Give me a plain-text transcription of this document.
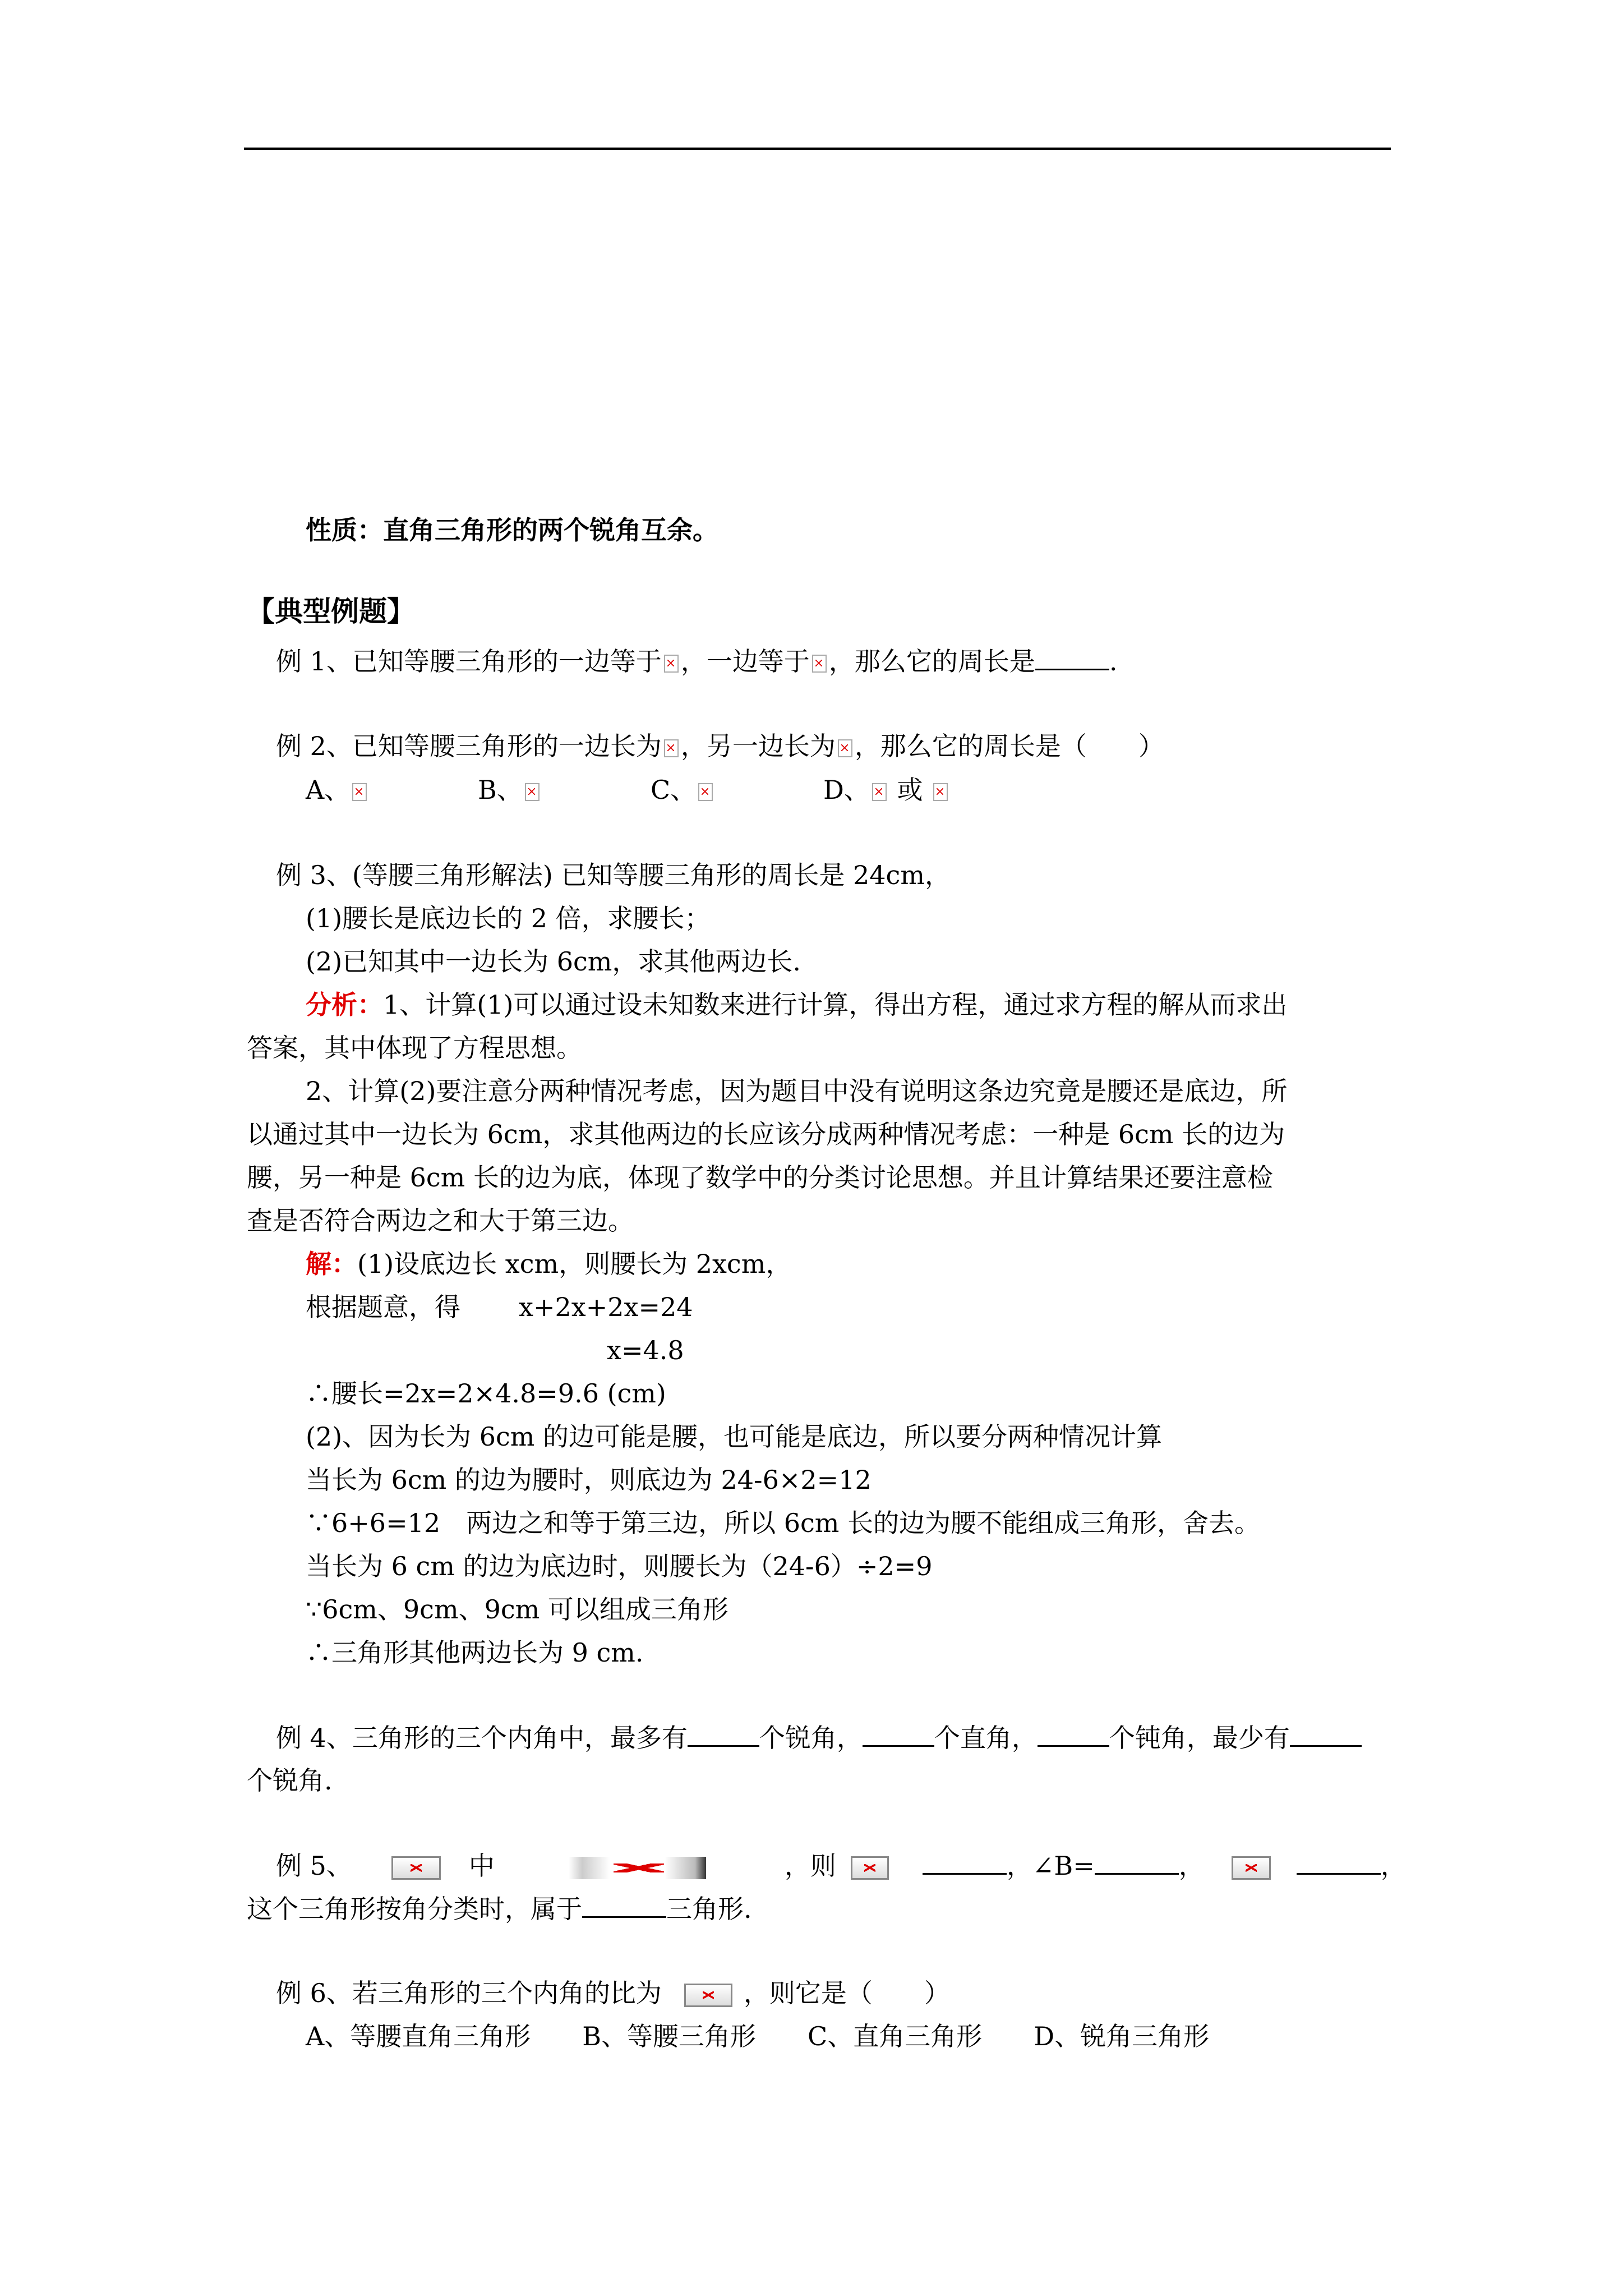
性质：直角三角形的两个锐角互余。
【典型例题】
例 1、已知等腰三角形的一边等于 ，一边等于 ，那么它的周长是	.
例 2、已知等腰三角形的一边长为 ，另一边长为 ，那么它的周长是（　　）
A、	B、	C、	D、 或
例 3、(等腰三角形解法) 已知等腰三角形的周长是 24cm，
(1)腰长是底边长的 2 倍，求腰长；
(2)已知其中一边长为 6cm，求其他两边长.
分析：1、计算(1)可以通过设未知数来进行计算，得出方程，通过求方程的解从而求出
答案，其中体现了方程思想。
2、计算(2)要注意分两种情况考虑，因为题目中没有说明这条边究竟是腰还是底边，所
以通过其中一边长为 6cm，求其他两边的长应该分成两种情况考虑：一种是 6cm 长的边为
腰，另一种是 6cm 长的边为底，体现了数学中的分类讨论思想。并且计算结果还要注意检
查是否符合两边之和大于第三边。
解：(1)设底边长 xcm，则腰长为 2xcm，
根据题意，得 x+2x+2x=24
x=4.8
∴腰长=2x=2×4.8=9.6 (cm)
(2)、因为长为 6cm 的边可能是腰，也可能是底边，所以要分两种情况计算
当长为 6cm 的边为腰时，则底边为 24-6×2=12
∵6+6=12　两边之和等于第三边，所以 6cm 长的边为腰不能组成三角形，舍去。
当长为 6 cm 的边为底边时，则腰长为（24-6）÷2=9
∵6cm、9cm、9cm 可以组成三角形
∴三角形其他两边长为 9 cm.
例 4、三角形的三个内角中，最多有	个锐角，	个直角，	个钝角，最少有
个锐角.
例 5、	中	，则	，∠B=	，	，
这个三角形按角分类时，属于	三角形.
例 6、若三角形的三个内角的比为	，则它是（　　）
A、等腰直角三角形　　B、等腰三角形　　C、直角三角形　　D、锐角三角形
